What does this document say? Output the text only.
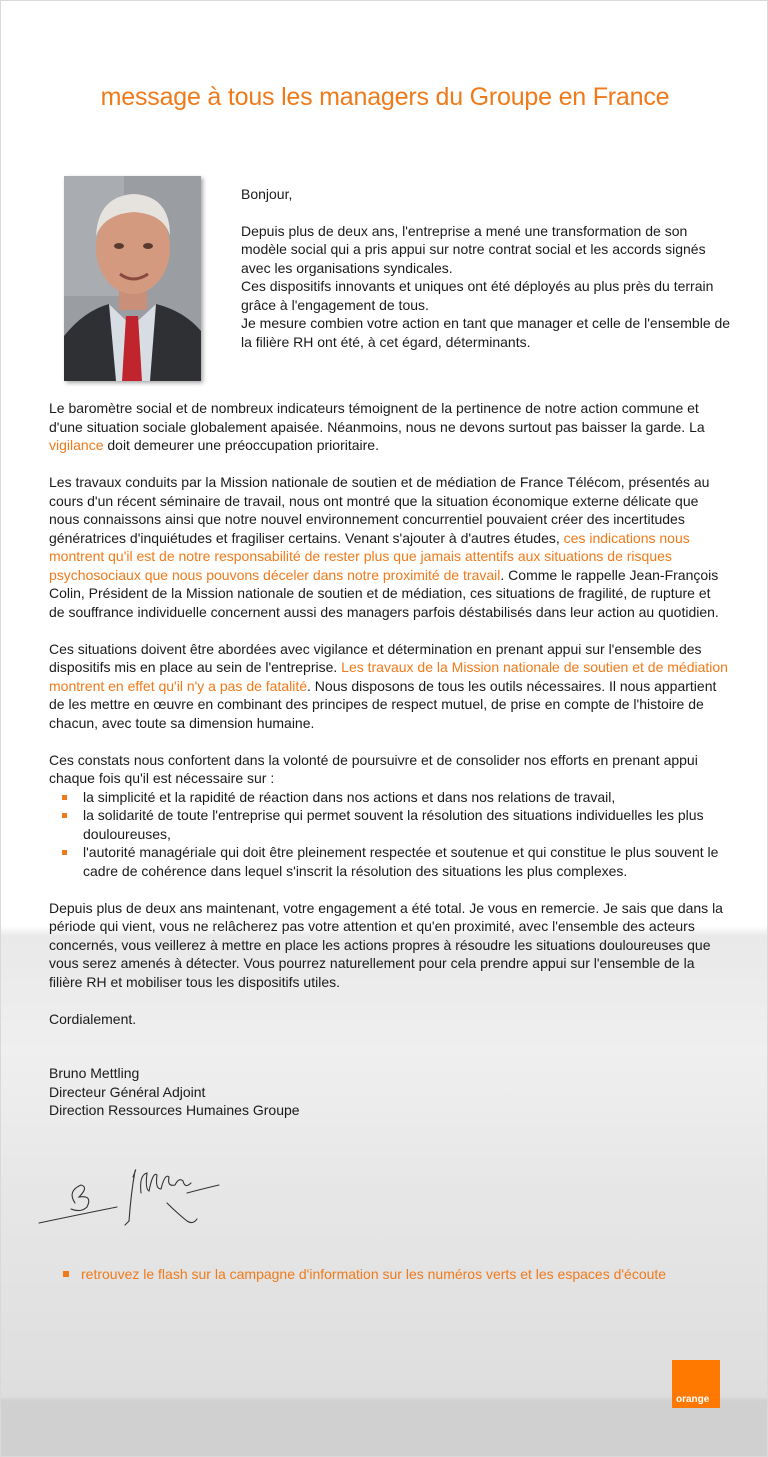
message à tous les managers du Groupe en France

Bonjour,

Depuis plus de deux ans, l'entreprise a mené une transformation de son modèle social qui a pris appui sur notre contrat social et les accords signés avec les organisations syndicales.
Ces dispositifs innovants et uniques ont été déployés au plus près du terrain grâce à l'engagement de tous.
Je mesure combien votre action en tant que manager et celle de l'ensemble de la filière RH ont été, à cet égard, déterminants.

Le baromètre social et de nombreux indicateurs témoignent de la pertinence de notre action commune et d'une situation sociale globalement apaisée. Néanmoins, nous ne devons surtout pas baisser la garde. La vigilance doit demeurer une préoccupation prioritaire.

Les travaux conduits par la Mission nationale de soutien et de médiation de France Télécom, présentés au cours d'un récent séminaire de travail, nous ont montré que la situation économique externe délicate que nous connaissons ainsi que notre nouvel environnement concurrentiel pouvaient créer des incertitudes génératrices d'inquiétudes et fragiliser certains. Venant s'ajouter à d'autres études, ces indications nous montrent qu'il est de notre responsabilité de rester plus que jamais attentifs aux situations de risques psychosociaux que nous pouvons déceler dans notre proximité de travail. Comme le rappelle Jean-François Colin, Président de la Mission nationale de soutien et de médiation, ces situations de fragilité, de rupture et de souffrance individuelle concernent aussi des managers parfois déstabilisés dans leur action au quotidien.

Ces situations doivent être abordées avec vigilance et détermination en prenant appui sur l'ensemble des dispositifs mis en place au sein de l'entreprise. Les travaux de la Mission nationale de soutien et de médiation montrent en effet qu'il n'y a pas de fatalité. Nous disposons de tous les outils nécessaires. Il nous appartient de les mettre en œuvre en combinant des principes de respect mutuel, de prise en compte de l'histoire de chacun, avec toute sa dimension humaine.

Ces constats nous confortent dans la volonté de poursuivre et de consolider nos efforts en prenant appui chaque fois qu'il est nécessaire sur :

la simplicité et la rapidité de réaction dans nos actions et dans nos relations de travail,
la solidarité de toute l'entreprise qui permet souvent la résolution des situations individuelles les plus douloureuses,
l'autorité managériale qui doit être pleinement respectée et soutenue et qui constitue le plus souvent le cadre de cohérence dans lequel s'inscrit la résolution des situations les plus complexes.

Depuis plus de deux ans maintenant, votre engagement a été total. Je vous en remercie. Je sais que dans la période qui vient, vous ne relâcherez pas votre attention et qu'en proximité, avec l'ensemble des acteurs concernés, vous veillerez à mettre en place les actions propres à résoudre les situations douloureuses que vous serez amenés à détecter. Vous pourrez naturellement pour cela prendre appui sur l'ensemble de la filière RH et mobiliser tous les dispositifs utiles.

Cordialement.

Bruno Mettling

Directeur Général Adjoint

Direction Ressources Humaines Groupe

retrouvez le flash sur la campagne d'information sur les numéros verts et les espaces d'écoute
orange
